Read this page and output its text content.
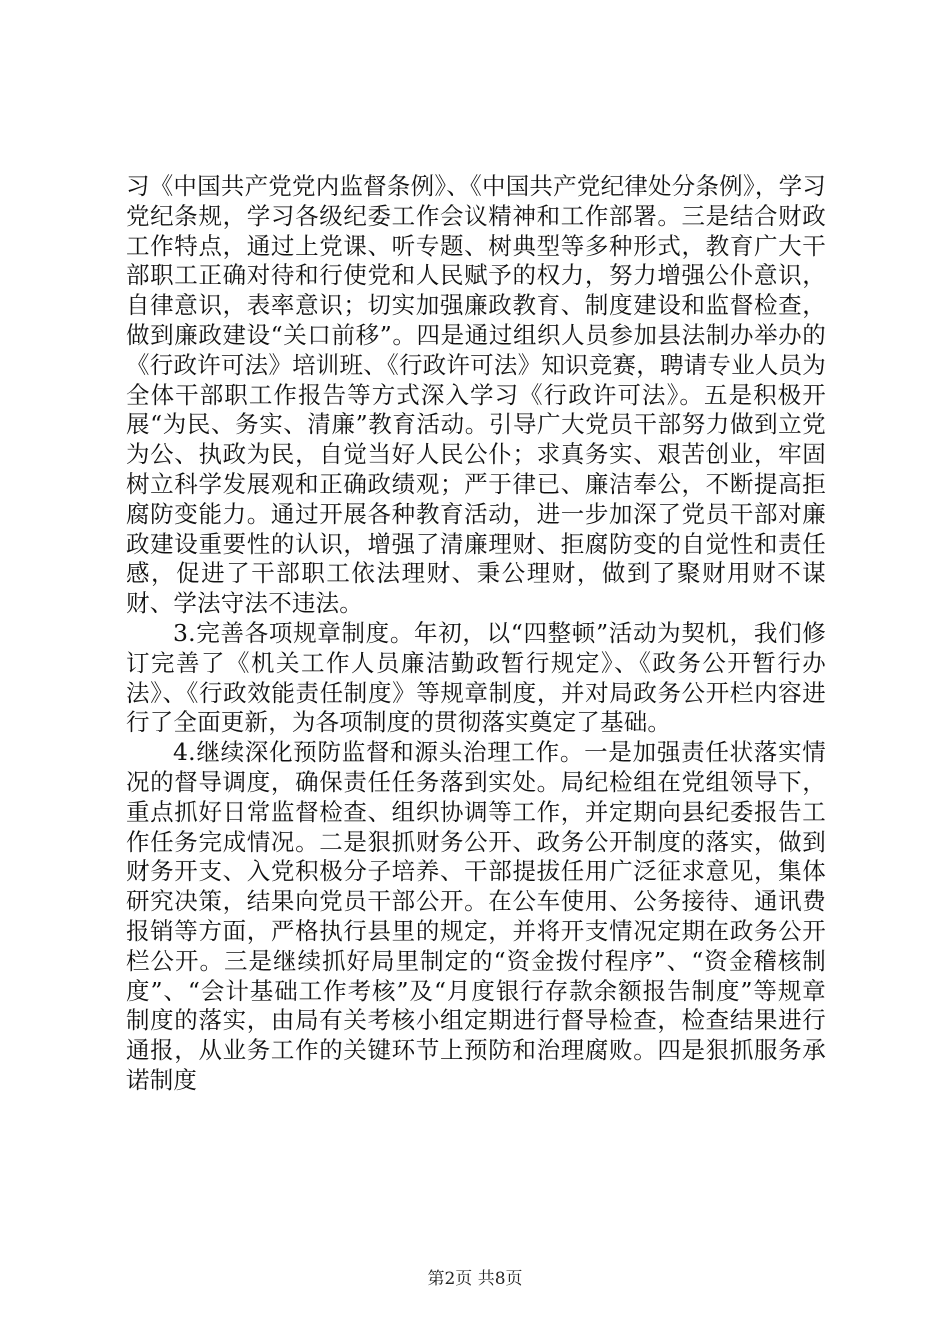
习《中国共产党党内监督条例》、《中国共产党纪律处分条例》，学习党纪条规，学习各级纪委工作会议精神和工作部署。三是结合财政工作特点，通过上党课、听专题、树典型等多种形式，教育广大干部职工正确对待和行使党和人民赋予的权力，努力增强公仆意识，自律意识，表率意识；切实加强廉政教育、制度建设和监督检查，做到廉政建设“关口前移”。四是通过组织人员参加县法制办举办的《行政许可法》培训班、《行政许可法》知识竞赛，聘请专业人员为全体干部职工作报告等方式深入学习《行政许可法》。五是积极开展“为民、务实、清廉”教育活动。引导广大党员干部努力做到立党为公、执政为民，自觉当好人民公仆；求真务实、艰苦创业，牢固树立科学发展观和正确政绩观；严于律已、廉洁奉公，不断提高拒腐防变能力。通过开展各种教育活动，进一步加深了党员干部对廉政建设重要性的认识，增强了清廉理财、拒腐防变的自觉性和责任感，促进了干部职工依法理财、秉公理财，做到了聚财用财不谋财、学法守法不违法。

3.完善各项规章制度。年初，以“四整顿”活动为契机，我们修订完善了《机关工作人员廉洁勤政暂行规定》、《政务公开暂行办法》、《行政效能责任制度》等规章制度，并对局政务公开栏内容进行了全面更新，为各项制度的贯彻落实奠定了基础。

4.继续深化预防监督和源头治理工作。一是加强责任状落实情况的督导调度，确保责任任务落到实处。局纪检组在党组领导下，重点抓好日常监督检查、组织协调等工作，并定期向县纪委报告工作任务完成情况。二是狠抓财务公开、政务公开制度的落实，做到财务开支、入党积极分子培养、干部提拔任用广泛征求意见，集体研究决策，结果向党员干部公开。在公车使用、公务接待、通讯费报销等方面，严格执行县里的规定，并将开支情况定期在政务公开栏公开。三是继续抓好局里制定的“资金拨付程序”、“资金稽核制度”、“会计基础工作考核”及“月度银行存款余额报告制度”等规章制度的落实，由局有关考核小组定期进行督导检查，检查结果进行通报，从业务工作的关键环节上预防和治理腐败。四是狠抓服务承诺制度

第2页 共8页
